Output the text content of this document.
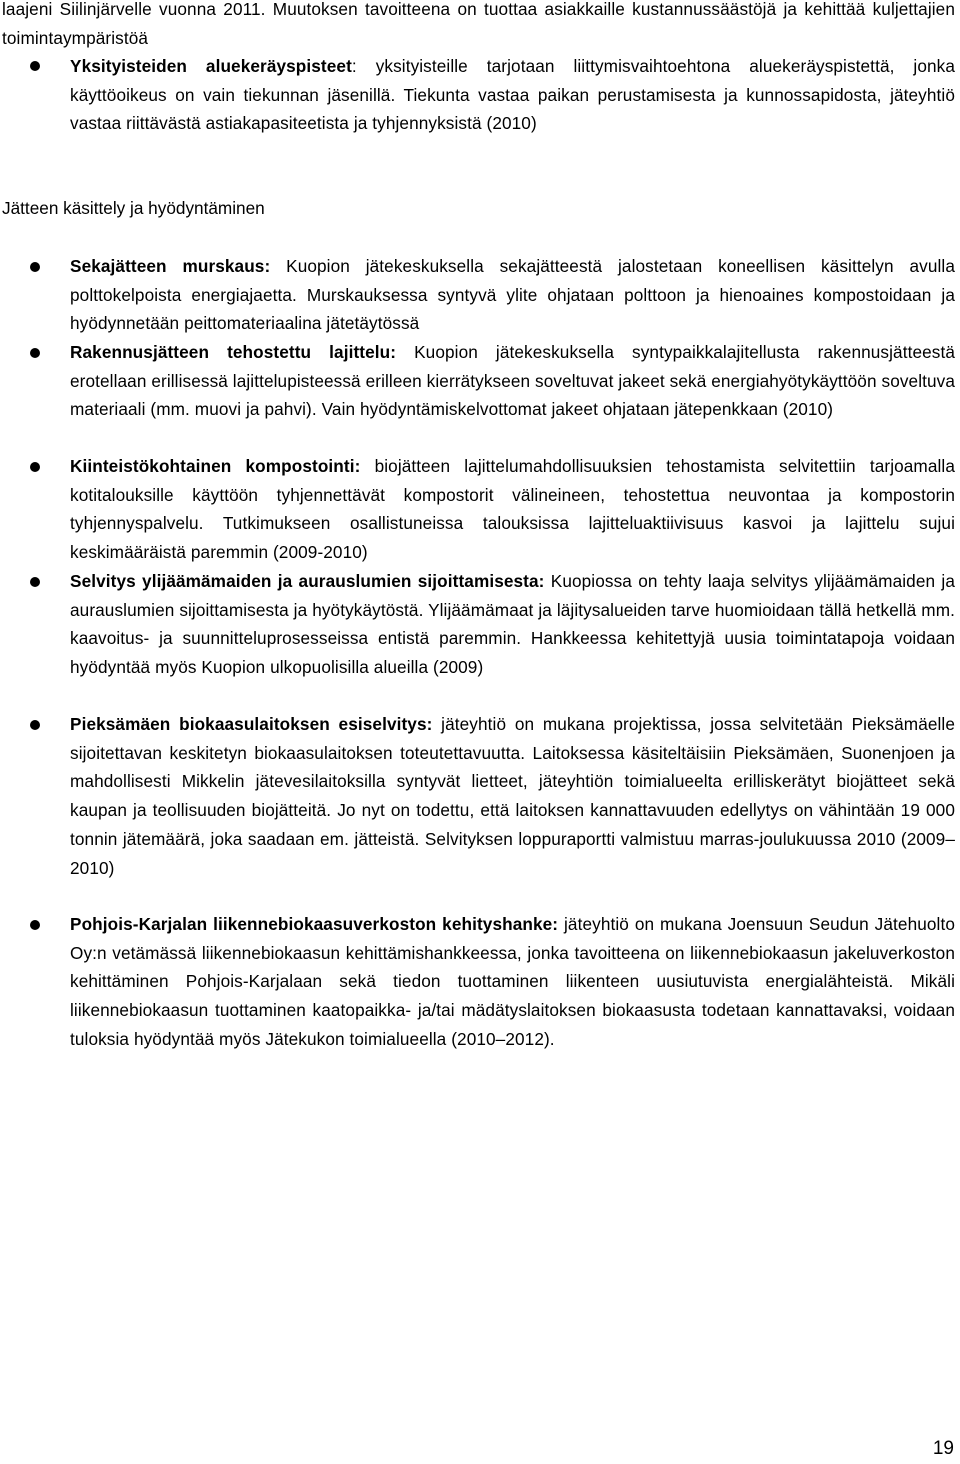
laajeni Siilinjärvelle vuonna 2011. Muutoksen tavoitteena on tuottaa asiakkaille kustannussäästöjä ja kehittää kuljettajien toimintaympäristöä

Yksityisteiden aluekeräyspisteet: yksityisteille tarjotaan liittymisvaihtoehtona aluekeräyspistettä, jonka käyttöoikeus on vain tiekunnan jäsenillä. Tiekunta vastaa paikan perustamisesta ja kunnossapidosta, jäteyhtiö vastaa riittävästä astiakapasiteetista ja tyhjennyksistä (2010)

Jätteen käsittely ja hyödyntäminen

Sekajätteen murskaus: Kuopion jätekeskuksella sekajätteestä jalostetaan koneellisen käsittelyn avulla polttokelpoista energiajaetta. Murskauksessa syntyvä ylite ohjataan polttoon ja hienoaines kompostoidaan ja hyödynnetään peittomateriaalina jätetäytössä

Rakennusjätteen tehostettu lajittelu: Kuopion jätekeskuksella syntypaikkalajitellusta rakennusjätteestä erotellaan erillisessä lajittelupisteessä erilleen kierrätykseen soveltuvat jakeet sekä energiahyötykäyttöön soveltuva materiaali (mm. muovi ja pahvi). Vain hyödyntämiskelvottomat jakeet ohjataan jätepenkkaan (2010)

Kiinteistökohtainen kompostointi: biojätteen lajittelumahdollisuuksien tehostamista selvitettiin tarjoamalla kotitalouksille käyttöön tyhjennettävät kompostorit välineineen, tehostettua neuvontaa ja kompostorin tyhjennyspalvelu. Tutkimukseen osallistuneissa talouksissa lajitteluaktiivisuus kasvoi ja lajittelu sujui keskimääräistä paremmin (2009-2010)

Selvitys ylijäämämaiden ja aurauslumien sijoittamisesta: Kuopiossa on tehty laaja selvitys ylijäämämaiden ja aurauslumien sijoittamisesta ja hyötykäytöstä. Ylijäämämaat ja läjitysalueiden tarve huomioidaan tällä hetkellä mm. kaavoitus- ja suunnitteluprosesseissa entistä paremmin. Hankkeessa kehitettyjä uusia toimintatapoja voidaan hyödyntää myös Kuopion ulkopuolisilla alueilla (2009)

Pieksämäen biokaasulaitoksen esiselvitys: jäteyhtiö on mukana projektissa, jossa selvitetään Pieksämäelle sijoitettavan keskitetyn biokaasulaitoksen toteutettavuutta. Laitoksessa käsiteltäisiin Pieksämäen, Suonenjoen ja mahdollisesti Mikkelin jätevesilaitoksilla syntyvät lietteet, jäteyhtiön toimialueelta erilliskerätyt biojätteet sekä kaupan ja teollisuuden biojätteitä. Jo nyt on todettu, että laitoksen kannattavuuden edellytys on vähintään 19 000 tonnin jätemäärä, joka saadaan em. jätteistä. Selvityksen loppuraportti valmistuu marras-joulukuussa 2010 (2009–2010)

Pohjois-Karjalan liikennebiokaasuverkoston kehityshanke: jäteyhtiö on mukana Joensuun Seudun Jätehuolto Oy:n vetämässä liikennebiokaasun kehittämishankkeessa, jonka tavoitteena on liikennebiokaasun jakeluverkoston kehittäminen Pohjois-Karjalaan sekä tiedon tuottaminen liikenteen uusiutuvista energialähteistä. Mikäli liikennebiokaasun tuottaminen kaatopaikka- ja/tai mädätyslaitoksen biokaasusta todetaan kannattavaksi, voidaan tuloksia hyödyntää myös Jätekukon toimialueella (2010–2012).

19
